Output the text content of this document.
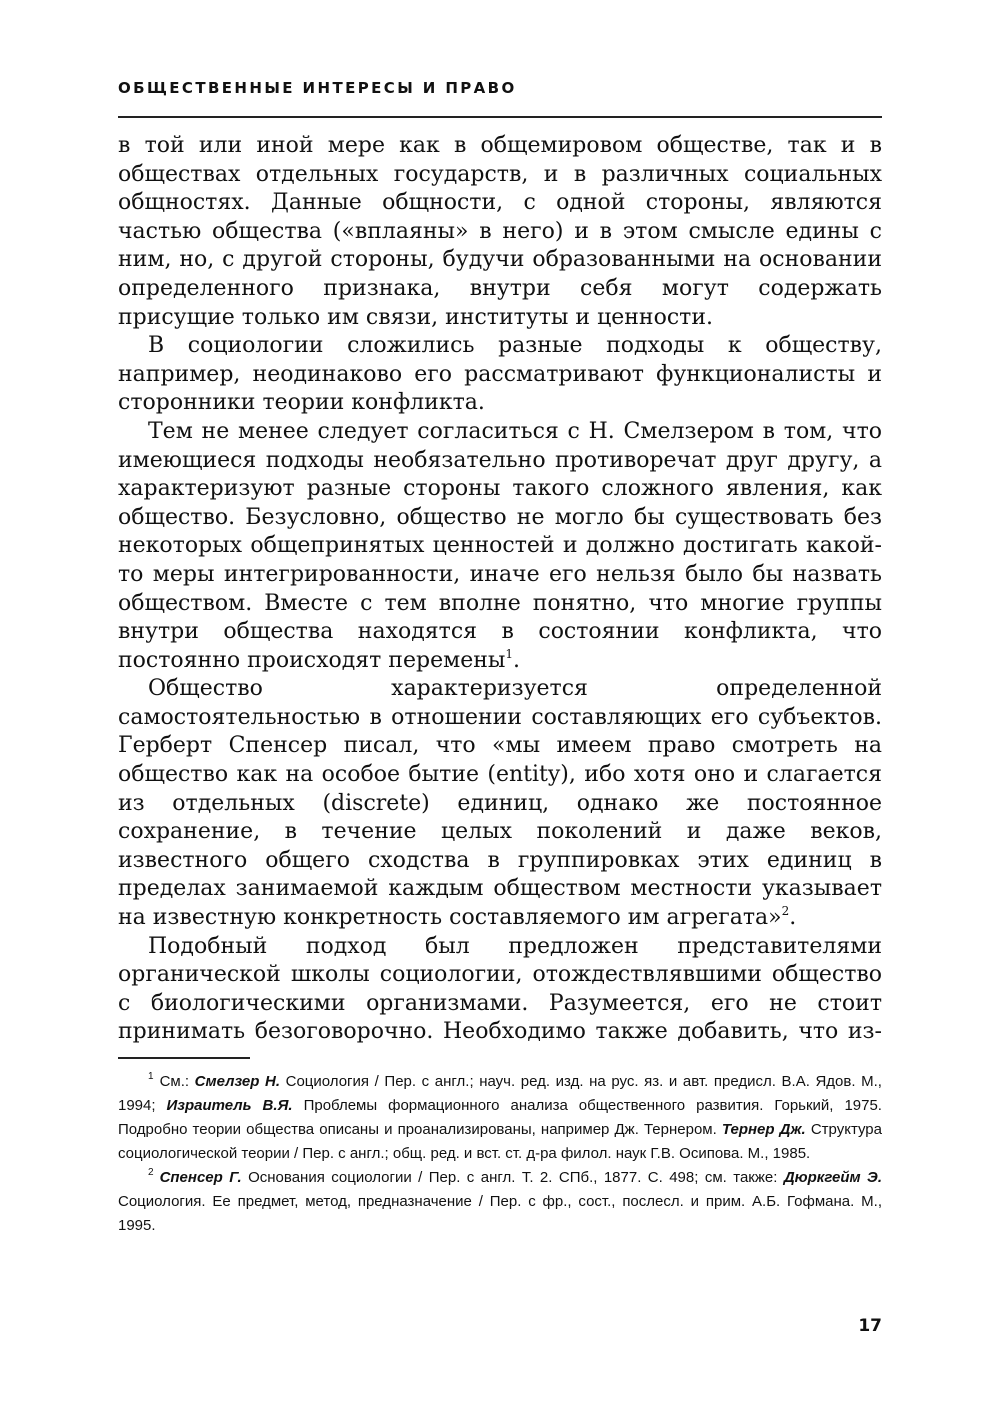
ОБЩЕСТВЕННЫЕ ИНТЕРЕСЫ И ПРАВО

в той или иной мере как в общемировом обществе, так и в обществах отдельных государств, и в различных социальных общностях. Данные общности, с одной стороны, являются частью общества («вплаяны» в него) и в этом смысле едины с ним, но, с другой стороны, будучи образованными на основании определенного признака, внутри себя могут содержать присущие только им связи, институты и ценности.

В социологии сложились разные подходы к обществу, например, неодинаково его рассматривают функционалисты и сторонники теории конфликта.

Тем не менее следует согласиться с Н. Смелзером в том, что имеющиеся подходы необязательно противоречат друг другу, а характеризуют разные стороны такого сложного явления, как общество. Безусловно, общество не могло бы существовать без некоторых общепринятых ценностей и должно достигать какой-то меры интегрированности, иначе его нельзя было бы назвать обществом. Вместе с тем вполне понятно, что многие группы внутри общества находятся в состоянии конфликта, что постоянно происходят перемены$^1$.

Общество характеризуется определенной самостоятельностью в отношении составляющих его субъектов. Герберт Спенсер писал, что «мы имеем право смотреть на общество как на особое бытие (entity), ибо хотя оно и слагается из отдельных (discrete) единиц, однако же постоянное сохранение, в течение целых поколений и даже веков, известного общего сходства в группировках этих единиц в пределах занимаемой каждым обществом местности указывает на известную конкретность составляемого им агрегата»$^2$.

Подобный подход был предложен представителями органической школы социологии, отождествлявшими общество с биологическими организмами. Разумеется, его не стоит принимать безоговорочно. Необходимо также добавить, что из-

$^1$ См.: Смелзер Н. Социология / Пер. с англ.; науч. ред. изд. на рус. яз. и авт. предисл. В.А. Ядов. М., 1994; Израитель В.Я. Проблемы формационного анализа общественного развития. Горький, 1975. Подробно теории общества описаны и проанализированы, например Дж. Тернером. Тернер Дж. Структура социологической теории / Пер. с англ.; общ. ред. и вст. ст. д-ра филол. наук Г.В. Осипова. М., 1985.

$^2$ Спенсер Г. Основания социологии / Пер. с англ. Т. 2. СПб., 1877. С. 498; см. также: Дюркгейм Э. Социология. Ее предмет, метод, предназначение / Пер. с фр., сост., послесл. и прим. А.Б. Гофмана. М., 1995.

17
